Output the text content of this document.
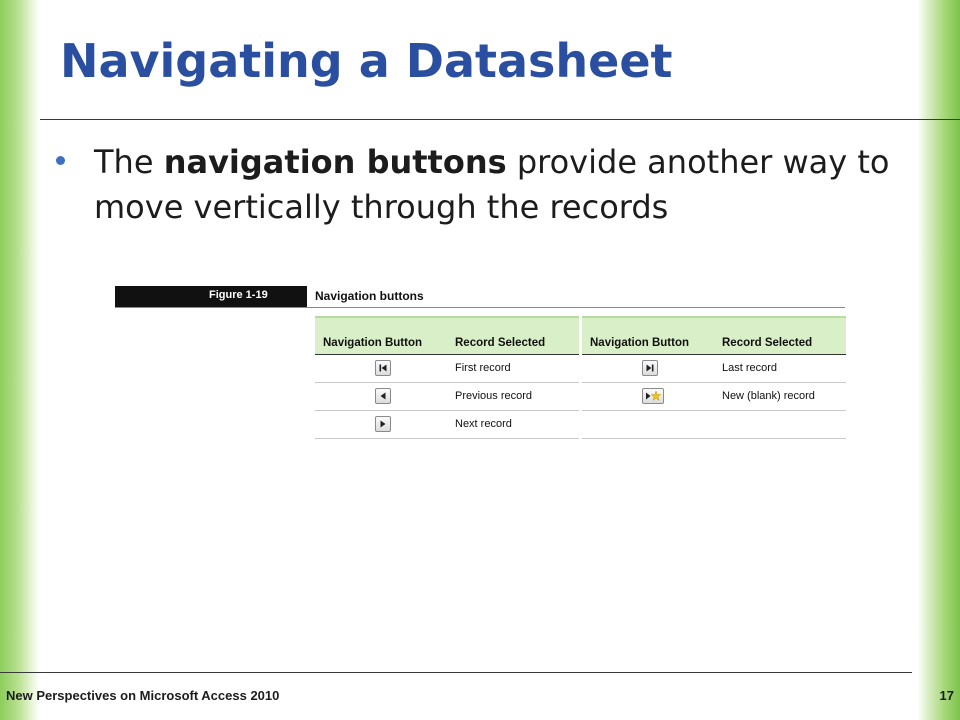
Navigating a Datasheet
The navigation buttons provide another way to move vertically through the records
Figure 1-19	Navigation buttons
Navigation Button	Record Selected
First record
Previous record
Next record
Navigation Button	Record Selected
Last record
New (blank) record
New Perspectives on Microsoft Access 2010	17
